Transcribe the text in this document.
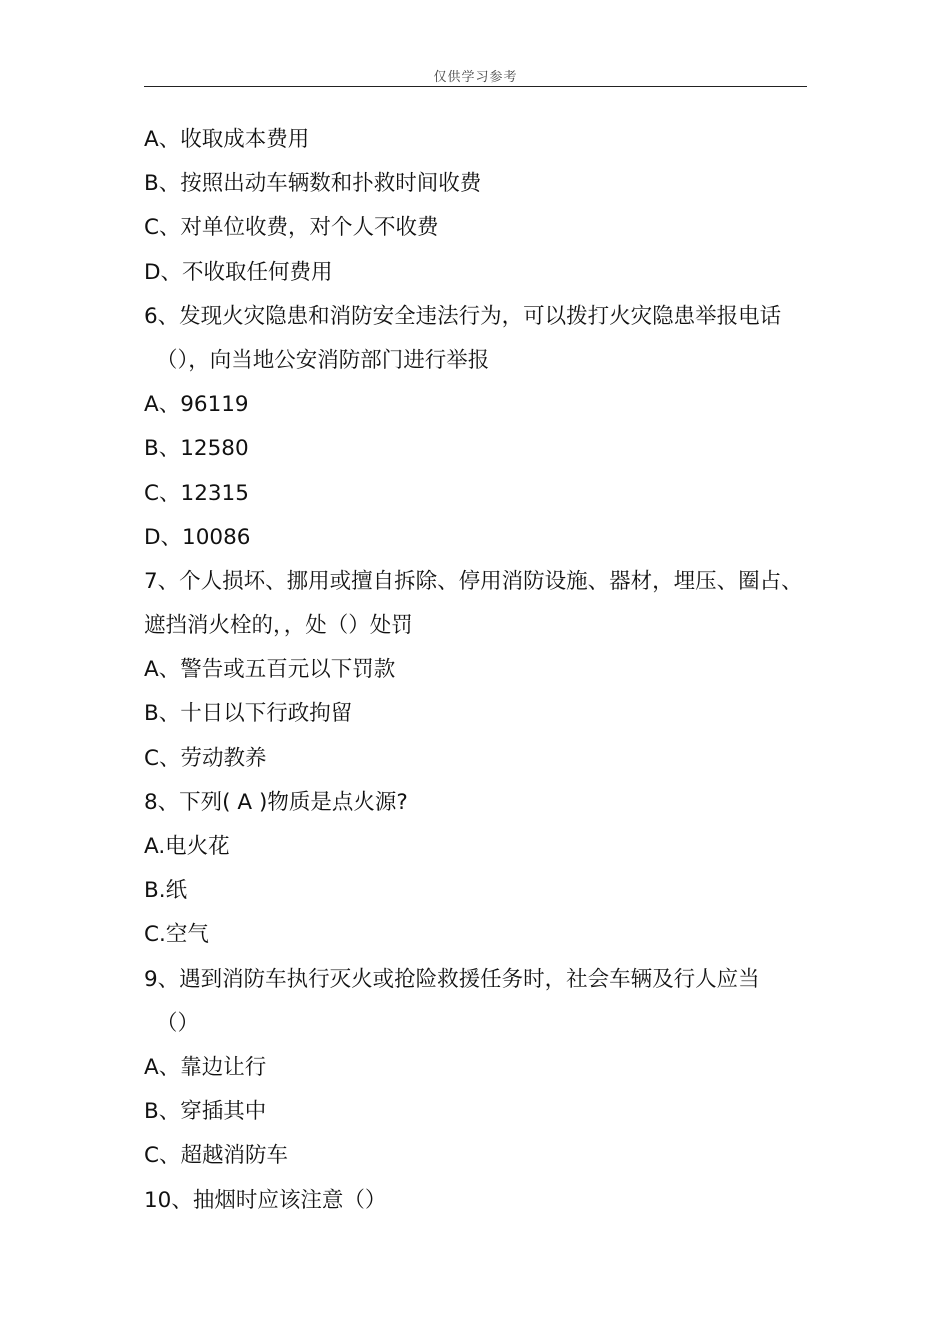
仅供学习参考
A、收取成本费用
B、按照出动车辆数和扑救时间收费
C、对单位收费，对个人不收费
D、不收取任何费用
6、发现火灾隐患和消防安全违法行为，可以拨打火灾隐患举报电话
（），向当地公安消防部门进行举报
A、96119
B、12580
C、12315
D、10086
7、个人损坏、挪用或擅自拆除、停用消防设施、器材，埋压、圈占、
遮挡消火栓的，，处（）处罚
A、警告或五百元以下罚款
B、十日以下行政拘留
C、劳动教养
8、下列( A )物质是点火源?
A.电火花
B.纸
C.空气
9、遇到消防车执行灭火或抢险救援任务时，社会车辆及行人应当
（）
A、靠边让行
B、穿插其中
C、超越消防车
10、抽烟时应该注意（）
